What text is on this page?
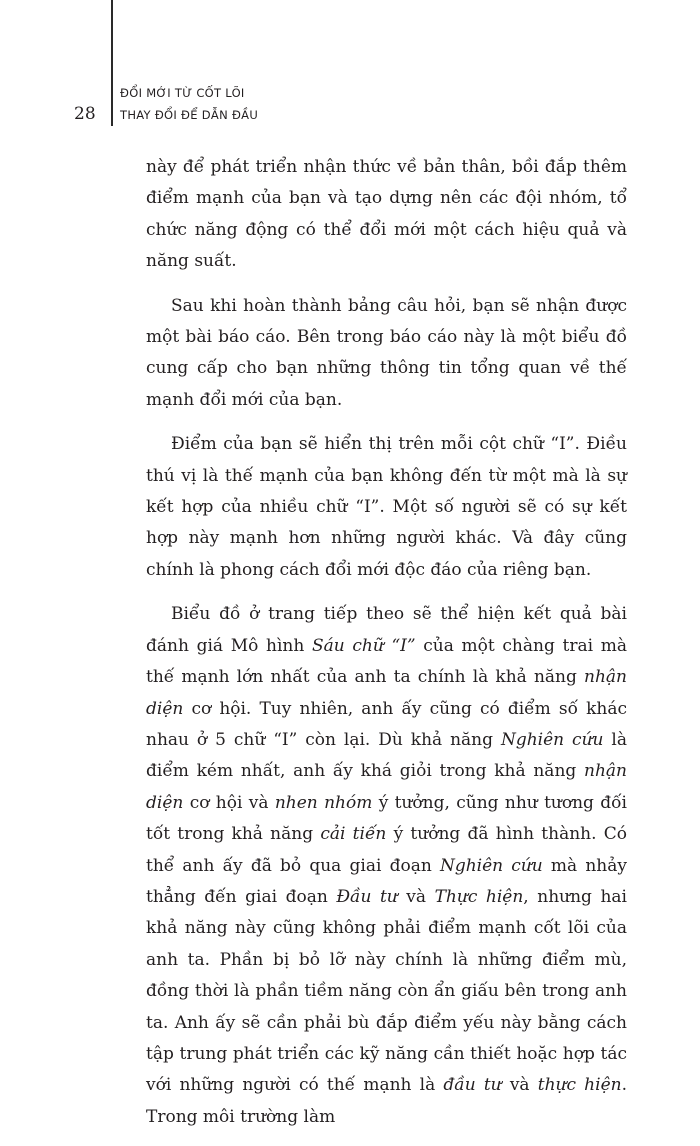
28
ĐỔI MỚI TỪ CỐT LÕI
THAY ĐỔI ĐỂ DẪN ĐẦU

này để phát triển nhận thức về bản thân, bồi đắp thêm điểm mạnh của bạn và tạo dựng nên các đội nhóm, tổ chức năng động có thể đổi mới một cách hiệu quả và năng suất.

Sau khi hoàn thành bảng câu hỏi, bạn sẽ nhận được một bài báo cáo. Bên trong báo cáo này là một biểu đồ cung cấp cho bạn những thông tin tổng quan về thế mạnh đổi mới của bạn.

Điểm của bạn sẽ hiển thị trên mỗi cột chữ “I”. Điều thú vị là thế mạnh của bạn không đến từ một mà là sự kết hợp của nhiều chữ “I”. Một số người sẽ có sự kết hợp này mạnh hơn những người khác. Và đây cũng chính là phong cách đổi mới độc đáo của riêng bạn.

Biểu đồ ở trang tiếp theo sẽ thể hiện kết quả bài đánh giá Mô hình Sáu chữ “I” của một chàng trai mà thế mạnh lớn nhất của anh ta chính là khả năng nhận diện cơ hội. Tuy nhiên, anh ấy cũng có điểm số khác nhau ở 5 chữ “I” còn lại. Dù khả năng Nghiên cứu là điểm kém nhất, anh ấy khá giỏi trong khả năng nhận diện cơ hội và nhen nhóm ý tưởng, cũng như tương đối tốt trong khả năng cải tiến ý tưởng đã hình thành. Có thể anh ấy đã bỏ qua giai đoạn Nghiên cứu mà nhảy thẳng đến giai đoạn Đầu tư và Thực hiện, nhưng hai khả năng này cũng không phải điểm mạnh cốt lõi của anh ta. Phần bị bỏ lỡ này chính là những điểm mù, đồng thời là phần tiềm năng còn ẩn giấu bên trong anh ta. Anh ấy sẽ cần phải bù đắp điểm yếu này bằng cách tập trung phát triển các kỹ năng cần thiết hoặc hợp tác với những người có thế mạnh là đầu tư và thực hiện. Trong môi trường làm
